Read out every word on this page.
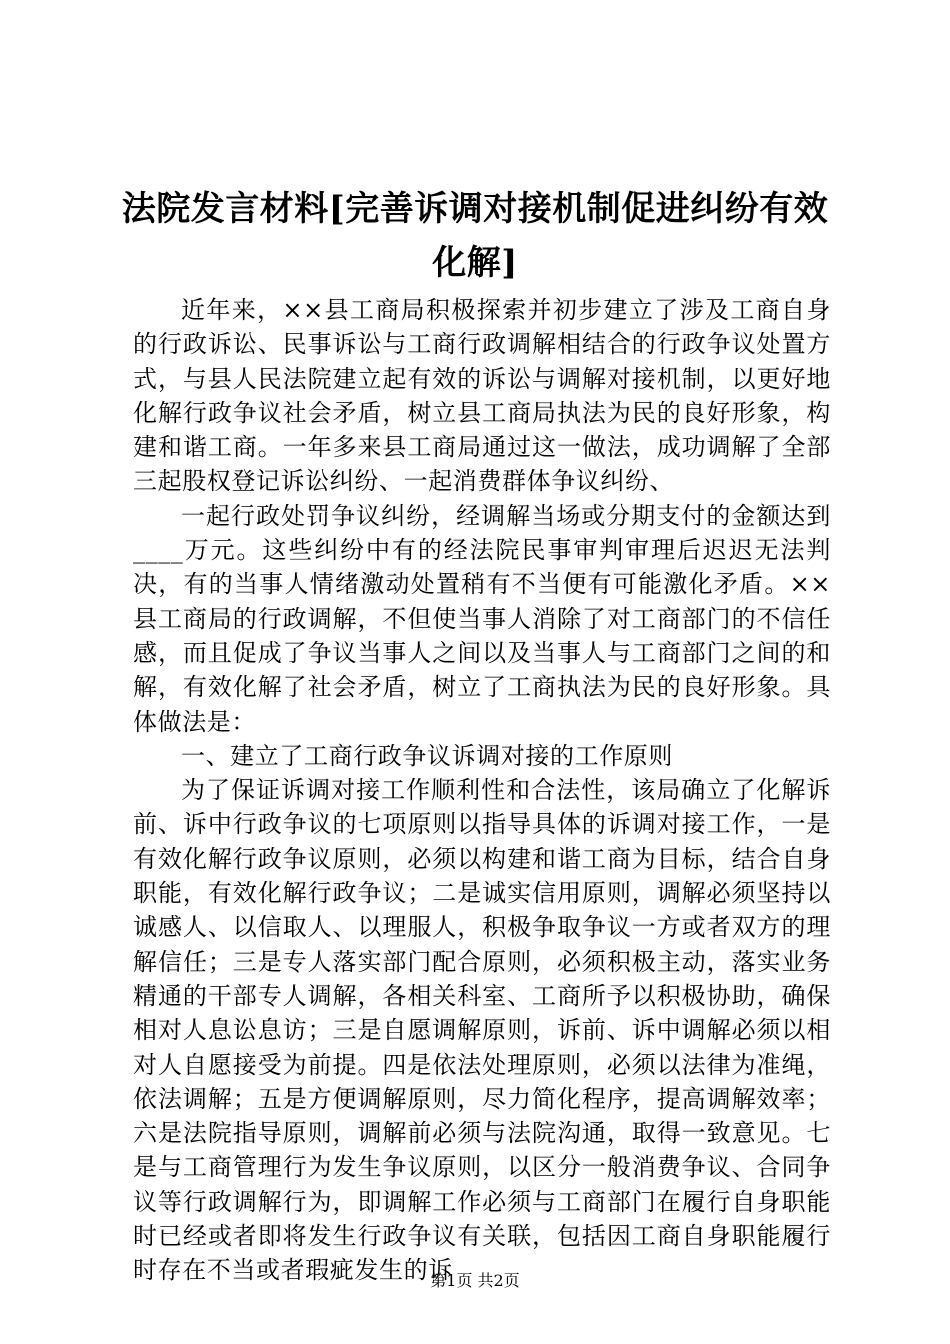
法院发言材料[完善诉调对接机制促进纠纷有效化解]

近年来，××县工商局积极探索并初步建立了涉及工商自身的行政诉讼、民事诉讼与工商行政调解相结合的行政争议处置方式，与县人民法院建立起有效的诉讼与调解对接机制，以更好地化解行政争议社会矛盾，树立县工商局执法为民的良好形象，构建和谐工商。一年多来县工商局通过这一做法，成功调解了全部三起股权登记诉讼纠纷、一起消费群体争议纠纷、

一起行政处罚争议纠纷，经调解当场或分期支付的金额达到____万元。这些纠纷中有的经法院民事审判审理后迟迟无法判决，有的当事人情绪激动处置稍有不当便有可能激化矛盾。××县工商局的行政调解，不但使当事人消除了对工商部门的不信任感，而且促成了争议当事人之间以及当事人与工商部门之间的和解，有效化解了社会矛盾，树立了工商执法为民的良好形象。具体做法是：

一、建立了工商行政争议诉调对接的工作原则

为了保证诉调对接工作顺利性和合法性，该局确立了化解诉前、诉中行政争议的七项原则以指导具体的诉调对接工作，一是有效化解行政争议原则，必须以构建和谐工商为目标，结合自身职能，有效化解行政争议；二是诚实信用原则，调解必须坚持以诚感人、以信取人、以理服人，积极争取争议一方或者双方的理解信任；三是专人落实部门配合原则，必须积极主动，落实业务精通的干部专人调解，各相关科室、工商所予以积极协助，确保相对人息讼息访；三是自愿调解原则，诉前、诉中调解必须以相对人自愿接受为前提。四是依法处理原则，必须以法律为准绳，依法调解；五是方便调解原则，尽力简化程序，提高调解效率；六是法院指导原则，调解前必须与法院沟通，取得一致意见。七是与工商管理行为发生争议原则，以区分一般消费争议、合同争议等行政调解行为，即调解工作必须与工商部门在履行自身职能时已经或者即将发生行政争议有关联，包括因工商自身职能履行时存在不当或者瑕疵发生的诉

第1页 共2页
